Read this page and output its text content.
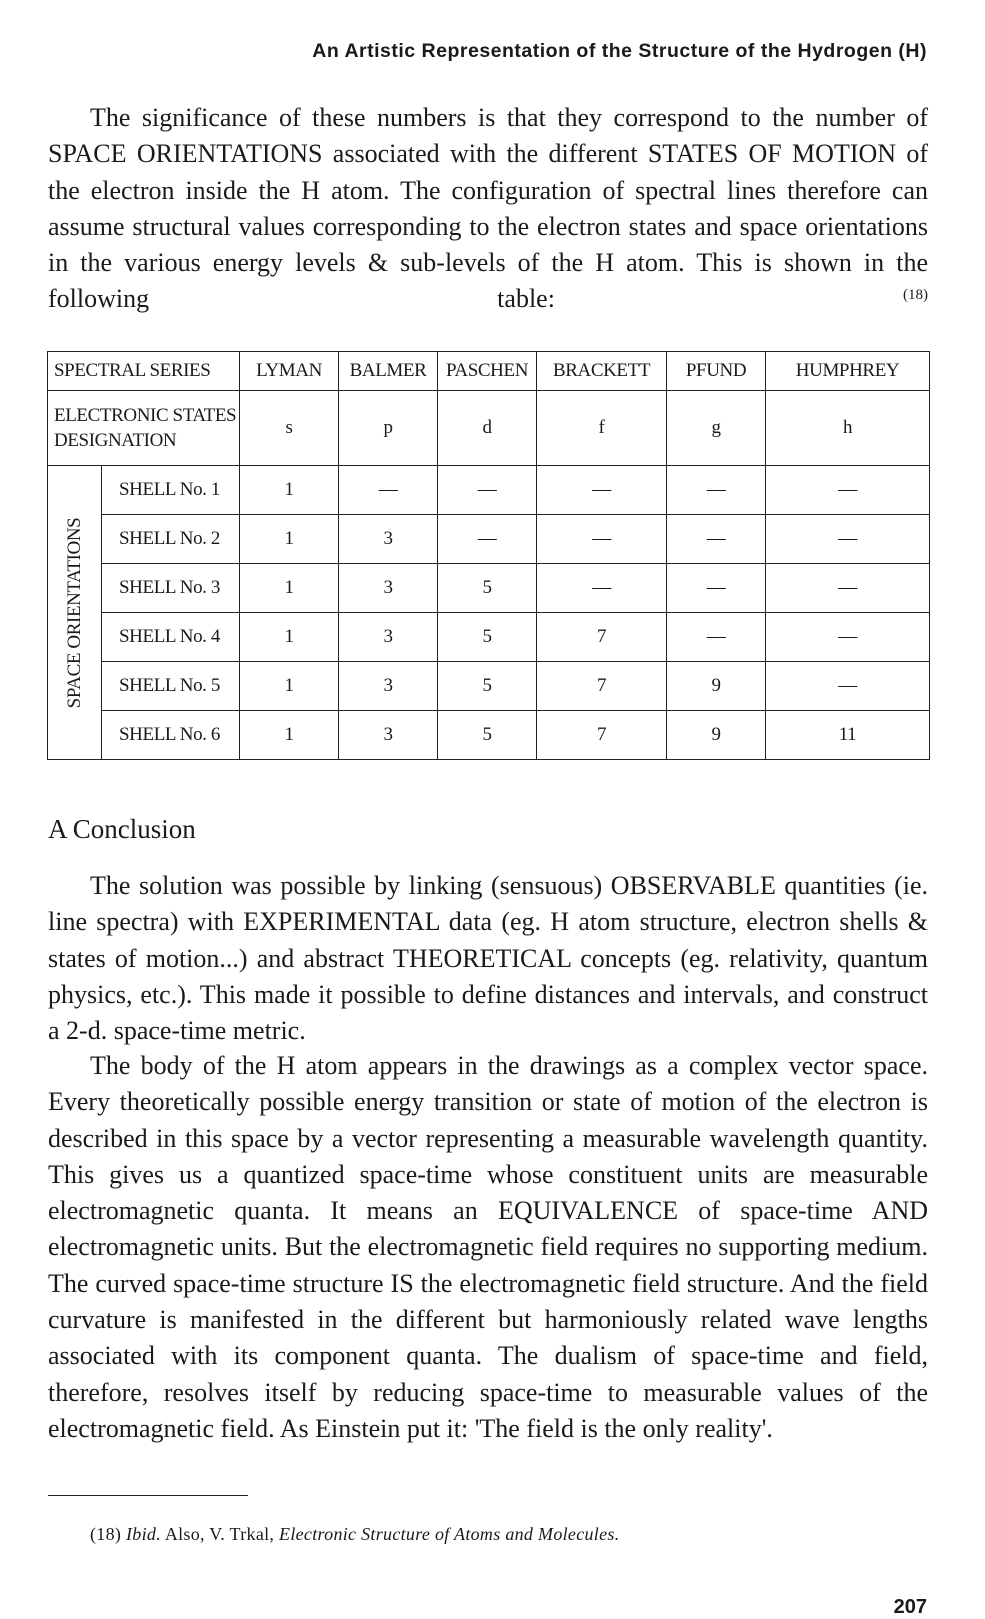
An Artistic Representation of the Structure of the Hydrogen (H)

The significance of these numbers is that they correspond to the number of SPACE ORIENTATIONS associated with the different STATES OF MOTION of the electron inside the H atom. The configuration of spectral lines therefore can assume structural values corresponding to the electron states and space orientations in the various energy levels & sub-levels of the H atom. This is shown in the following table:	$^{(18)}$

SPECTRAL SERIES		LYMAN	BALMER	PASCHEN	BRACKETT	PFUND	HUMPHREY
ELECTRONIC STATES DESIGNATION		s	p	d	f	g	h

SPACE ORIENTATIONS	SHELL No. 1	1	—	—	—	—	—
	SHELL No. 2	1	3	—	—	—	—
	SHELL No. 3	1	3	5	—	—	—
	SHELL No. 4	1	3	5	7	—	—
	SHELL No. 5	1	3	5	7	9	—
	SHELL No. 6	1	3	5	7	9	11
A Conclusion

The solution was possible by linking (sensuous) OBSERVABLE quantities (ie. line spectra) with EXPERIMENTAL data (eg. H atom structure, electron shells & states of motion...) and abstract THEORETICAL concepts (eg. relativity, quantum physics, etc.). This made it possible to define distances and intervals, and construct a 2-d. space-time metric.

The body of the H atom appears in the drawings as a complex vector space. Every theoretically possible energy transition or state of motion of the electron is described in this space by a vector representing a measurable wavelength quantity. This gives us a quantized space-time whose constituent units are measurable electromagnetic quanta. It means an EQUIVALENCE of space-time AND electromagnetic units. But the electromagnetic field requires no supporting medium. The curved space-time structure IS the electromagnetic field structure. And the field curvature is manifested in the different but harmoniously related wave lengths associated with its component quanta. The dualism of space-time and field, therefore, resolves itself by reducing space-time to measurable values of the electromagnetic field. As Einstein put it: 'The field is the only reality'.

(18) Ibid. Also, V. Trkal, Electronic Structure of Atoms and Molecules.
207
